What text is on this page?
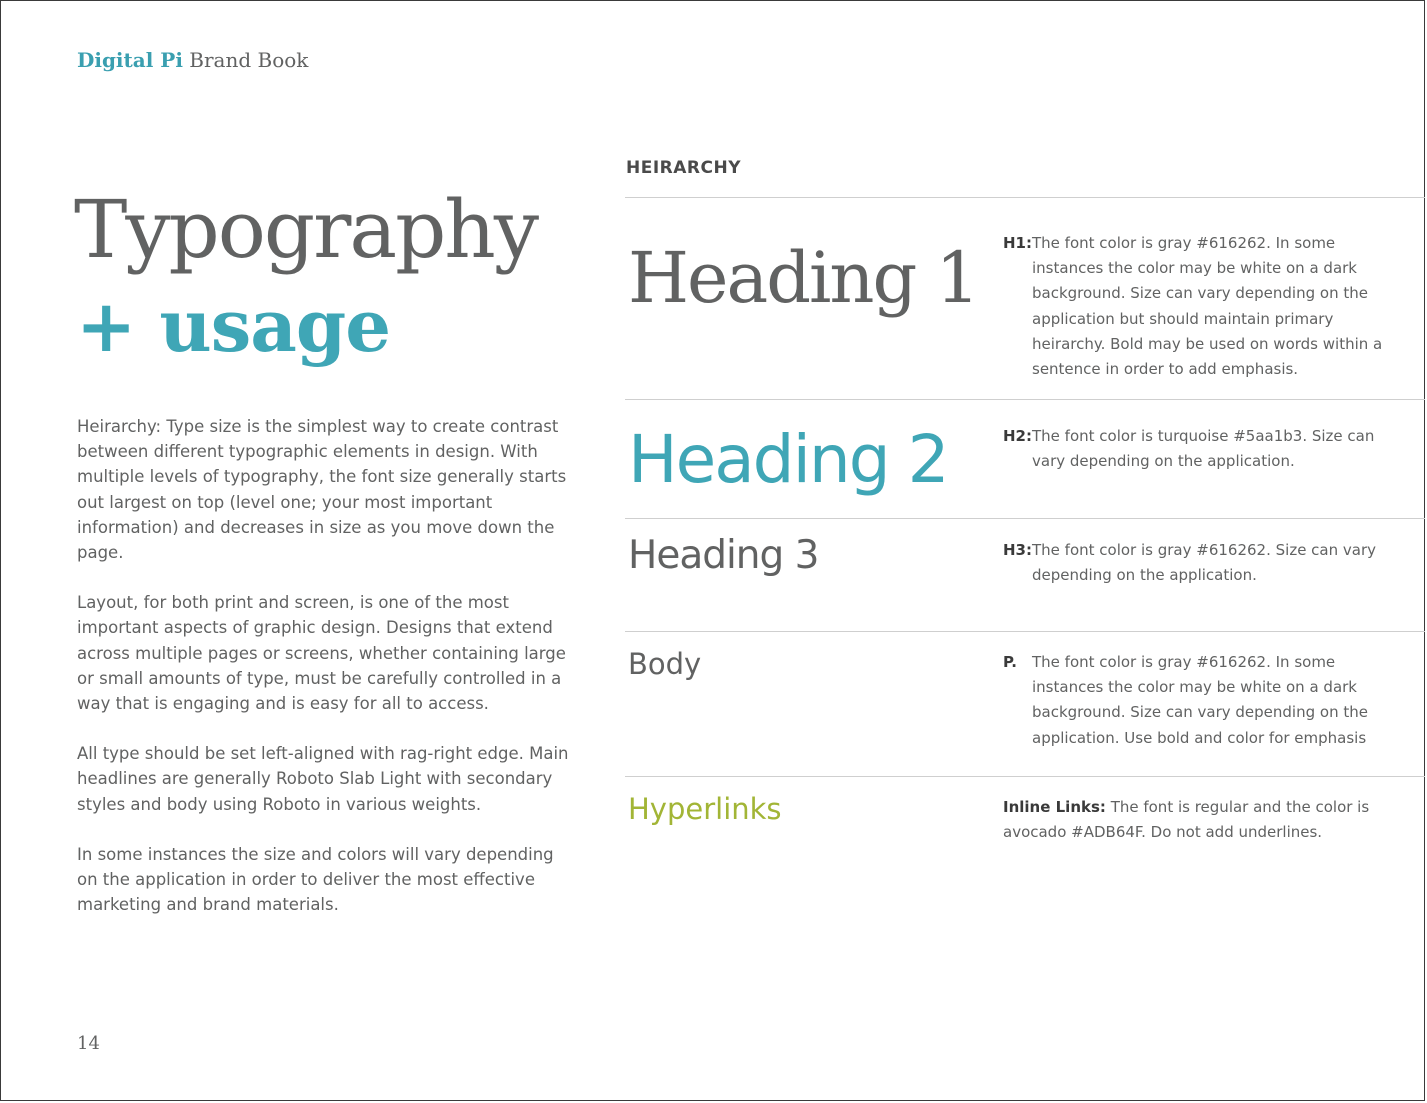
Digital Pi Brand Book
Typography
+ usage

Heirarchy: Type size is the simplest way to create contrast between different typographic elements in design. With multiple levels of typography, the font size generally starts out largest on top (level one; your most important information) and decreases in size as you move down the page.

Layout, for both print and screen, is one of the most important aspects of graphic design. Designs that extend across multiple pages or screens, whether containing large or small amounts of type, must be carefully controlled in a way that is engaging and is easy for all to access.

All type should be set left-aligned with rag-right edge. Main headlines are generally Roboto Slab Light with secondary styles and body using Roboto in various weights.

In some instances the size and colors will vary depending on the application in order to deliver the most effective marketing and brand materials.

14
HEIRARCHY
Heading 1 H1:The font color is gray #616262. In some instances the color may be white on a dark background. Size can vary depending on the application but should maintain primary heirarchy. Bold may be used on words within a sentence in order to add emphasis.
Heading 2	H2:The font color is turquoise #5aa1b3. Size can vary depending on the application.
Heading 3	H3:The font color is gray #616262. Size can vary depending on the application.
Body	P. The font color is gray #616262. In some instances the color may be white on a dark background. Size can vary depending on the application. Use bold and color for emphasis
Hyperlinks	Inline Links: The font is regular and the color is avocado #ADB64F. Do not add underlines.
